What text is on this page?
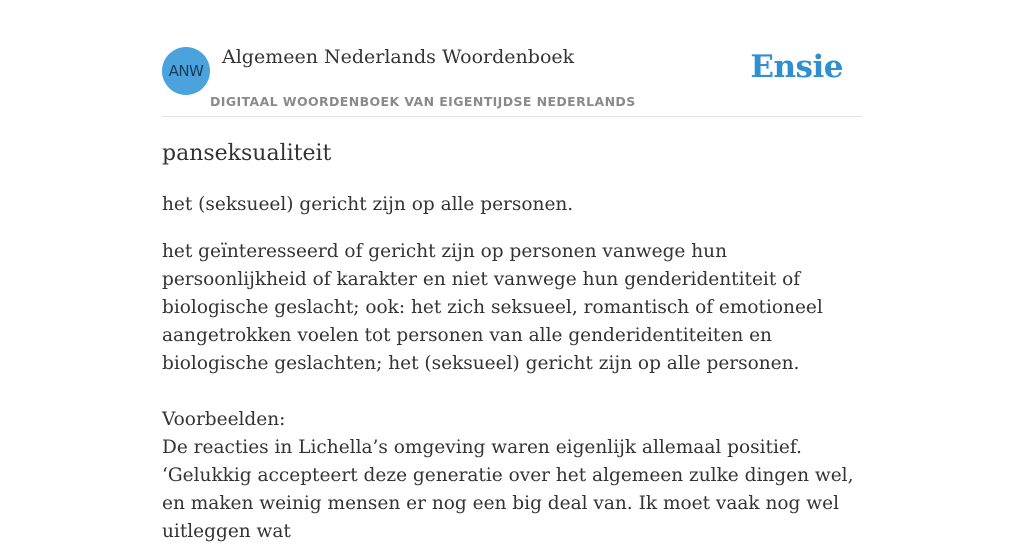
ANW
Algemeen Nederlands Woordenboek
DIGITAAL WOORDENBOEK VAN EIGENTIJDSE NEDERLANDS
Ensie
panseksualiteit

het (seksueel) gericht zijn op alle personen.

het geïnteresseerd of gericht zijn op personen vanwege hun persoonlijkheid of karakter en niet vanwege hun genderidentiteit of biologische geslacht; ook: het zich seksueel, romantisch of emotioneel aangetrokken voelen tot personen van alle genderidentiteiten en biologische geslachten; het (seksueel) gericht zijn op alle personen.

Voorbeelden:

De reacties in Lichella’s omgeving waren eigenlijk allemaal positief. ‘Gelukkig accepteert deze generatie over het algemeen zulke dingen wel, en maken weinig mensen er nog een big deal van. Ik moet vaak nog wel uitleggen wat
